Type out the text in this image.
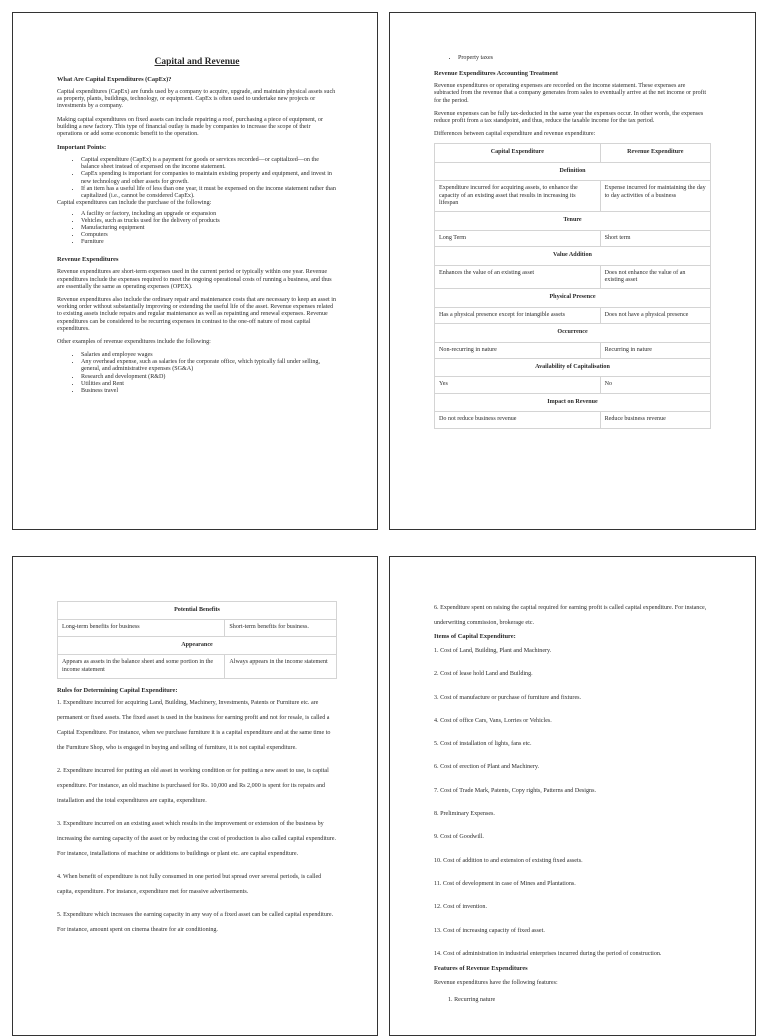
Capital and Revenue
What Are Capital Expenditures (CapEx)?

Capital expenditures (CapEx) are funds used by a company to acquire, upgrade, and maintain physical assets such as property, plants, buildings, technology, or equipment. CapEx is often used to undertake new projects or investments by a company.

Making capital expenditures on fixed assets can include repairing a roof, purchasing a piece of equipment, or building a new factory. This type of financial outlay is made by companies to increase the scope of their operations or add some economic benefit to the operation.

Important Points:
• Capital expenditure (CapEx) is a payment for goods or services recorded—or capitalized—on the balance sheet instead of expensed on the income statement.
• CapEx spending is important for companies to maintain existing property and equipment, and invest in new technology and other assets for growth.
• If an item has a useful life of less than one year, it must be expensed on the income statement rather than capitalized (i.e., cannot be considered CapEx).

Capital expenditures can include the purchase of the following:

• A facility or factory, including an upgrade or expansion
• Vehicles, such as trucks used for the delivery of products
• Manufacturing equipment
• Computers
• Furniture
Revenue Expenditures

Revenue expenditures are short-term expenses used in the current period or typically within one year. Revenue expenditures include the expenses required to meet the ongoing operational costs of running a business, and thus are essentially the same as operating expenses (OPEX).

Revenue expenditures also include the ordinary repair and maintenance costs that are necessary to keep an asset in working order without substantially improving or extending the useful life of the asset. Revenue expenses related to existing assets include repairs and regular maintenance as well as repainting and renewal expenses. Revenue expenditures can be considered to be recurring expenses in contrast to the one-off nature of most capital expenditures.

Other examples of revenue expenditures include the following:

• Salaries and employee wages
• Any overhead expense, such as salaries for the corporate office, which typically fall under selling, general, and administrative expenses (SG&A)
• Research and development (R&D)
• Utilities and Rent
• Business travel
• Property taxes
Revenue Expenditures Accounting Treatment

Revenue expenditures or operating expenses are recorded on the income statement. These expenses are subtracted from the revenue that a company generates from sales to eventually arrive at the net income or profit for the period.

Revenue expenses can be fully tax-deducted in the same year the expenses occur. In other words, the expenses reduce profit from a tax standpoint, and thus, reduce the taxable income for the tax period.

Differences between capital expenditure and revenue expenditure:

Capital Expenditure	Revenue Expenditure
Definition	
Expenditure incurred for acquiring assets, to enhance the capacity of an existing asset that results in increasing its lifespan	Expense incurred for maintaining the day to day activities of a business
Tenure	
Long Term	Short term
Value Addition	
Enhances the value of an existing asset	Does not enhance the value of an existing asset
Physical Presence	
Has a physical presence except for intangible assets	Does not have a physical presence
Occurrence	
Non-recurring in nature	Recurring in nature
Availability of Capitalisation	
Yes	No
Impact on Revenue	
Do not reduce business revenue	Reduce business revenue
Potential Benefits	
Long-term benefits for business	Short-term benefits for business.
Appearance	
Appears as assets in the balance sheet and some portion in the income statement	Always appears in the income statement
Rules for Determining Capital Expenditure:

1. Expenditure incurred for acquiring Land, Building, Machinery, Investments, Patents or Furniture etc. are permanent or fixed assets. The fixed asset is used in the business for earning profit and not for resale, is called a Capital Expenditure. For instance, when we purchase furniture it is a capital expenditure and at the same time to the Furniture Shop, who is engaged in buying and selling of furniture, it is not capital expenditure.

2. Expenditure incurred for putting an old asset in working condition or for putting a new asset to use, is capital expenditure. For instance, an old machine is purchased for Rs. 10,000 and Rs 2,000 is spent for its repairs and installation and the total expenditures are capita, expenditure.

3. Expenditure incurred on an existing asset which results in the improvement or extension of the business by increasing the earning capacity of the asset or by reducing the cost of production is also called capital expenditure. For instance, installations of machine or additions to buildings or plant etc. are capital expenditure.

4. When benefit of expenditure is not fully consumed in one period but spread over several periods, is called capita, expenditure. For instance, expenditure met for massive advertisements.

5. Expenditure which increases the earning capacity in any way of a fixed asset can be called capital expenditure. For instance, amount spent on cinema theatre for air conditioning.

6. Expenditure spent on raising the capital required for earning profit is called capital expenditure. For instance, underwriting commission, brokerage etc.

Items of Capital Expenditure:
1. Cost of Land, Building, Plant and Machinery.
2. Cost of lease hold Land and Building.
3. Cost of manufacture or purchase of furniture and fixtures.
4. Cost of office Cars, Vans, Lorries or Vehicles.
5. Cost of installation of lights, fans etc.
6. Cost of erection of Plant and Machinery.
7. Cost of Trade Mark, Patents, Copy rights, Patterns and Designs.
8. Preliminary Expenses.
9. Cost of Goodwill.
10. Cost of addition to and extension of existing fixed assets.
11. Cost of development in case of Mines and Plantations.
12. Cost of invention.
13. Cost of increasing capacity of fixed asset.
14. Cost of administration in industrial enterprises incurred during the period of construction.
Features of Revenue Expenditures
Revenue expenditures have the following features:
1. Recurring nature
